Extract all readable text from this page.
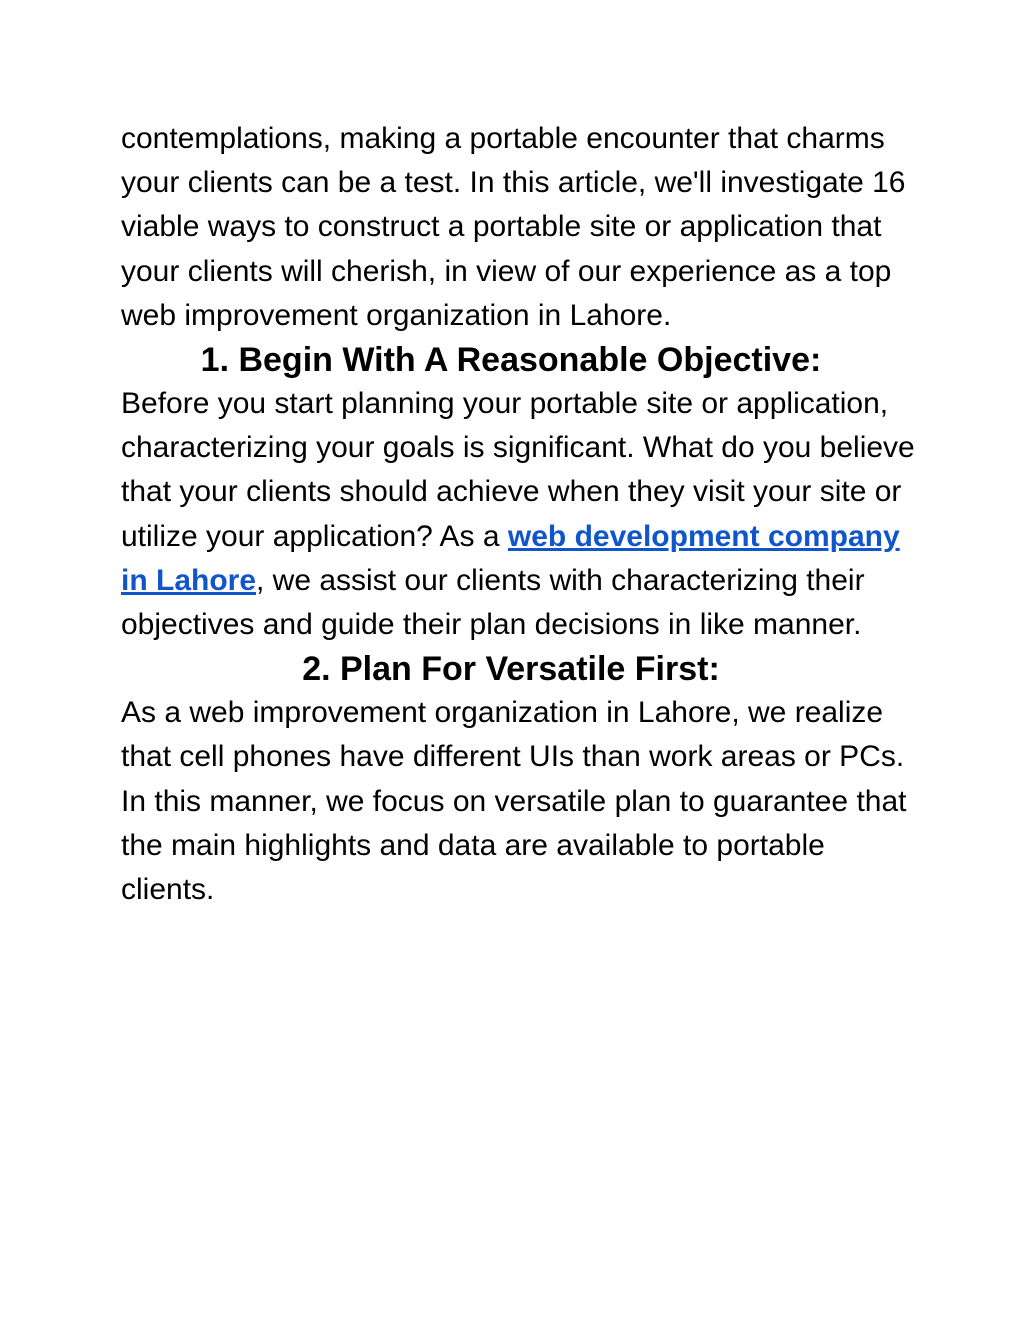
contemplations, making a portable encounter that charms your clients can be a test. In this article, we'll investigate 16 viable ways to construct a portable site or application that your clients will cherish, in view of our experience as a top web improvement organization in Lahore.

1. Begin With A Reasonable Objective:

Before you start planning your portable site or application, characterizing your goals is significant. What do you believe that your clients should achieve when they visit your site or utilize your application? As a web development company in Lahore, we assist our clients with characterizing their objectives and guide their plan decisions in like manner.

2. Plan For Versatile First:

As a web improvement organization in Lahore, we realize that cell phones have different UIs than work areas or PCs. In this manner, we focus on versatile plan to guarantee that the main highlights and data are available to portable clients.
